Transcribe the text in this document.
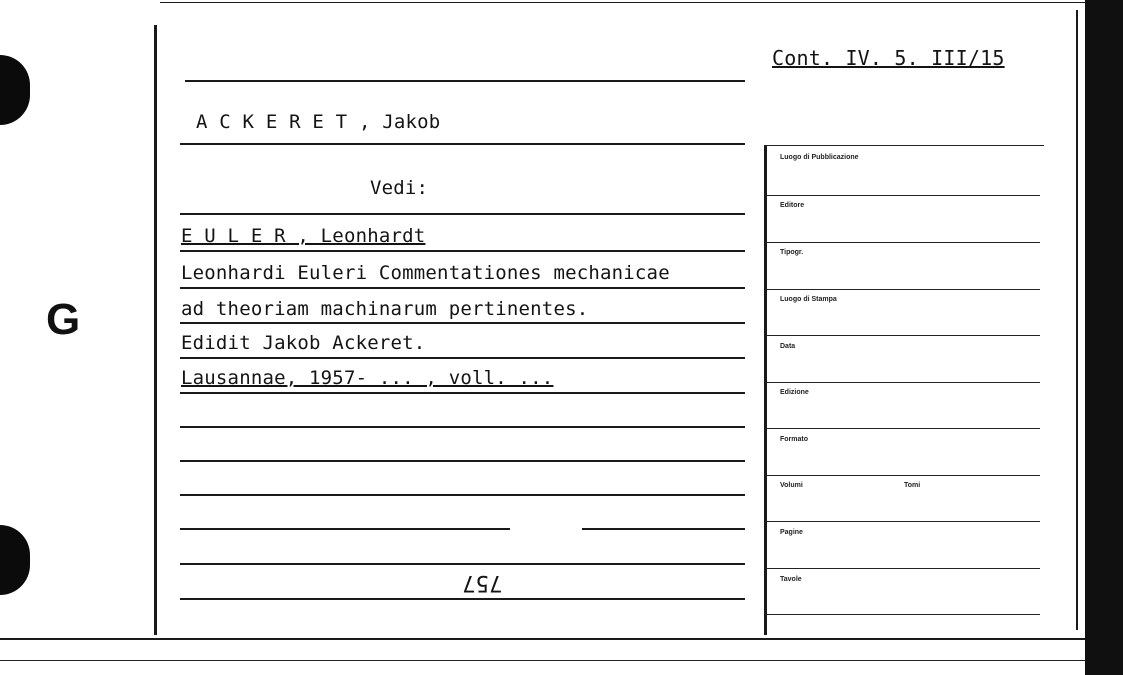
G
Cont. IV. 5. III/15
A C K E R E T , Jakob
Vedi:
E U L E R , Leonhardt
Leonhardi Euleri Commentationes mechanicae
ad theoriam machinarum pertinentes.
Edidit Jakob Ackeret.
Lausannae, 1957- ... , voll. ...
757
Luogo di Pubblicazione
Editore
Tipogr.
Luogo di Stampa
Data
Edizione
Formato
Volumi	Tomi
Pagine
Tavole
